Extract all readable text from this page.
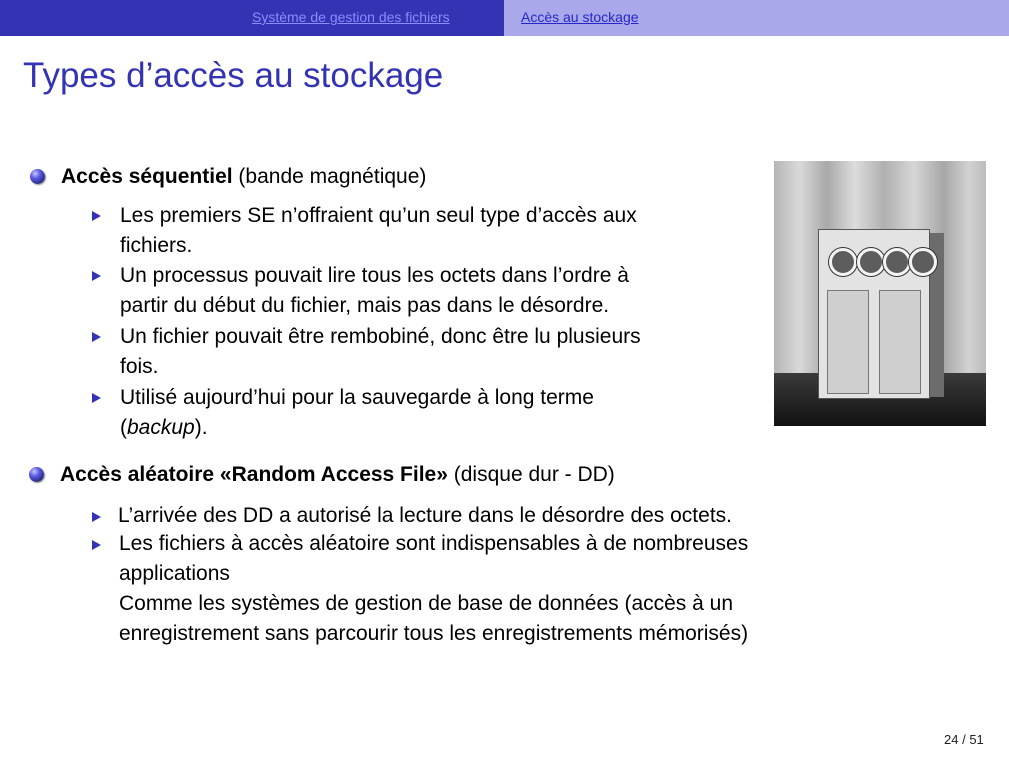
Système de gestion des fichiers	Accès au stockage
Types d’accès au stockage
Accès séquentiel (bande magnétique)
Les premiers SE n’offraient qu’un seul type d’accès aux
fichiers.
Un processus pouvait lire tous les octets dans l’ordre à
partir du début du fichier, mais pas dans le désordre.
Un fichier pouvait être rembobiné, donc être lu plusieurs
fois.
Utilisé aujourd’hui pour la sauvegarde à long terme
(backup).
Accès aléatoire «Random Access File» (disque dur - DD)
L’arrivée des DD a autorisé la lecture dans le désordre des octets.
Les fichiers à accès aléatoire sont indispensables à de nombreuses
applications
Comme les systèmes de gestion de base de données (accès à un
enregistrement sans parcourir tous les enregistrements mémorisés)
24 / 51
